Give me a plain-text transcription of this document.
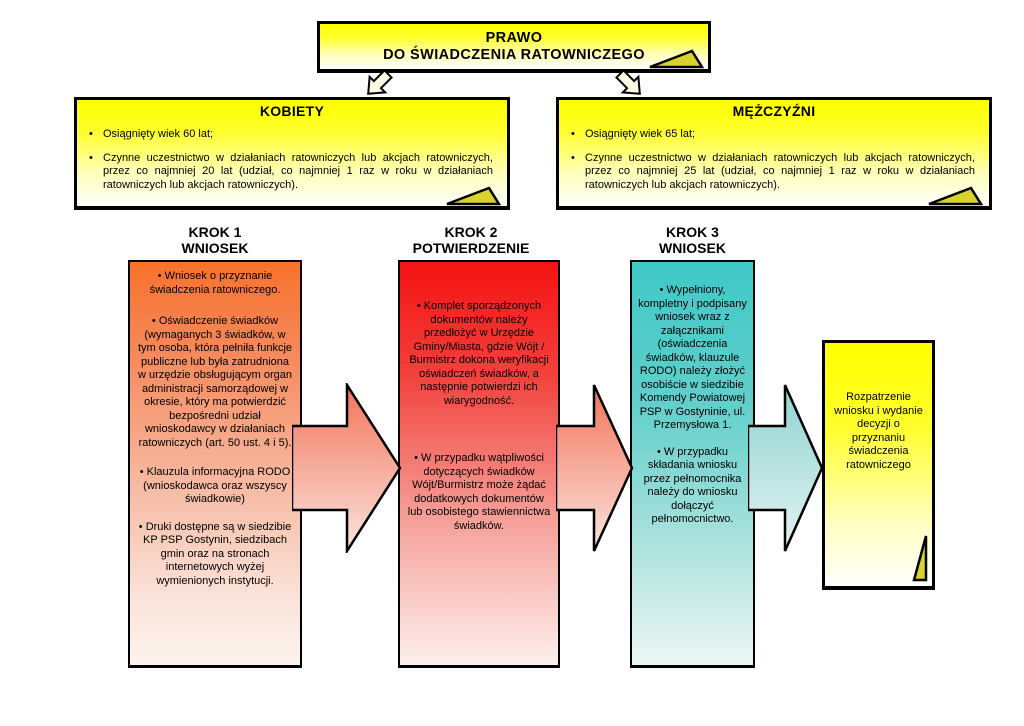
PRAWO
DO ŚWIADCZENIA RATOWNICZEGO
KOBIETY
•
Osiągnięty wiek 60 lat;
•
Czynne uczestnictwo w działaniach ratowniczych lub akcjach ratowniczych, przez co najmniej 20 lat (udział, co najmniej 1 raz w roku w działaniach ratowniczych lub akcjach ratowniczych).
MĘŻCZYŹNI
•
Osiągnięty wiek 65 lat;
•
Czynne uczestnictwo w działaniach ratowniczych lub akcjach ratowniczych, przez co najmniej 25 lat (udział, co najmniej 1 raz w roku w działaniach ratowniczych lub akcjach ratowniczych).
KROK 1
WNIOSEK
KROK 2
POTWIERDZENIE
KROK 3
WNIOSEK
• Wniosek o przyznanie świadczenia ratowniczego.
• Oświadczenie świadków (wymaganych 3 świadków, w tym osoba, która pełniła funkcje publiczne lub była zatrudniona w urzędzie obsługującym organ administracji samorządowej w okresie, który ma potwierdzić bezpośredni udział wnioskodawcy w działaniach ratowniczych (art. 50 ust. 4 i 5).
• Klauzula informacyjna RODO (wnioskodawca oraz wszyscy świadkowie)
• Druki dostępne są w siedzibie KP PSP Gostynin, siedzibach gmin oraz na stronach internetowych wyżej wymienionych instytucji.
• Komplet sporządzonych dokumentów należy przedłożyć w Urzędzie Gminy/Miasta, gdzie Wójt / Burmistrz dokona weryfikacji oświadczeń świadków, a następnie potwierdzi ich wiarygodność.
• W przypadku wątpliwości dotyczących świadków Wójt/Burmistrz może żądać dodatkowych dokumentów lub osobistego stawiennictwa świadków.
• Wypełniony, kompletny i podpisany wniosek wraz z załącznikami (oświadczenia świadków, klauzule RODO) należy złożyć osobiście w siedzibie Komendy Powiatowej PSP w Gostyninie, ul. Przemysłowa 1.
• W przypadku składania wniosku przez pełnomocnika należy do wniosku dołączyć pełnomocnictwo.
Rozpatrzenie wniosku i wydanie decyzji o przyznaniu świadczenia ratowniczego
